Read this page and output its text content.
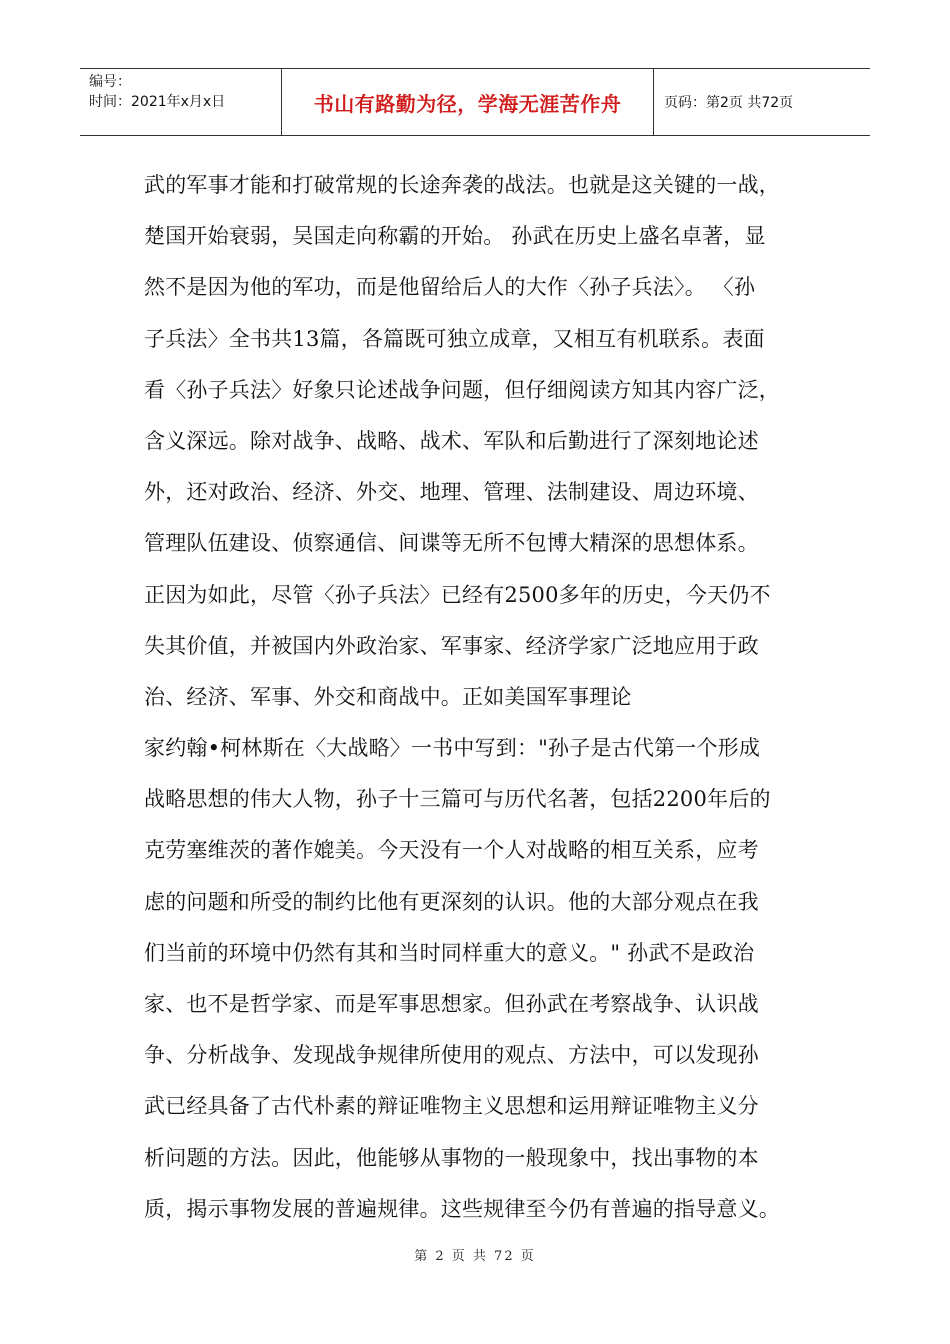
编号：
时间：2021年x月x日	书山有路勤为径，学海无涯苦作舟	页码：第2页 共72页
武的军事才能和打破常规的长途奔袭的战法。也就是这关键的一战，
楚国开始衰弱，吴国走向称霸的开始。 孙武在历史上盛名卓著，显
然不是因为他的军功，而是他留给后人的大作〈孙子兵法〉。 〈孙
子兵法〉全书共13篇，各篇既可独立成章，又相互有机联系。表面
看〈孙子兵法〉好象只论述战争问题，但仔细阅读方知其内容广泛，
含义深远。除对战争、战略、战术、军队和后勤进行了深刻地论述
外，还对政治、经济、外交、地理、管理、法制建设、周边环境、
管理队伍建设、侦察通信、间谍等无所不包博大精深的思想体系。
正因为如此，尽管〈孙子兵法〉已经有2500多年的历史，今天仍不
失其价值，并被国内外政治家、军事家、经济学家广泛地应用于政
治、经济、军事、外交和商战中。正如美国军事理论
家约翰•柯林斯在〈大战略〉一书中写到："孙子是古代第一个形成
战略思想的伟大人物，孙子十三篇可与历代名著，包括2200年后的
克劳塞维茨的著作媲美。今天没有一个人对战略的相互关系，应考
虑的问题和所受的制约比他有更深刻的认识。他的大部分观点在我
们当前的环境中仍然有其和当时同样重大的意义。" 孙武不是政治
家、也不是哲学家、而是军事思想家。但孙武在考察战争、认识战
争、分析战争、发现战争规律所使用的观点、方法中，可以发现孙
武已经具备了古代朴素的辩证唯物主义思想和运用辩证唯物主义分
析问题的方法。因此，他能够从事物的一般现象中，找出事物的本
质，揭示事物发展的普遍规律。这些规律至今仍有普遍的指导意义。
第 2 页 共 72 页
